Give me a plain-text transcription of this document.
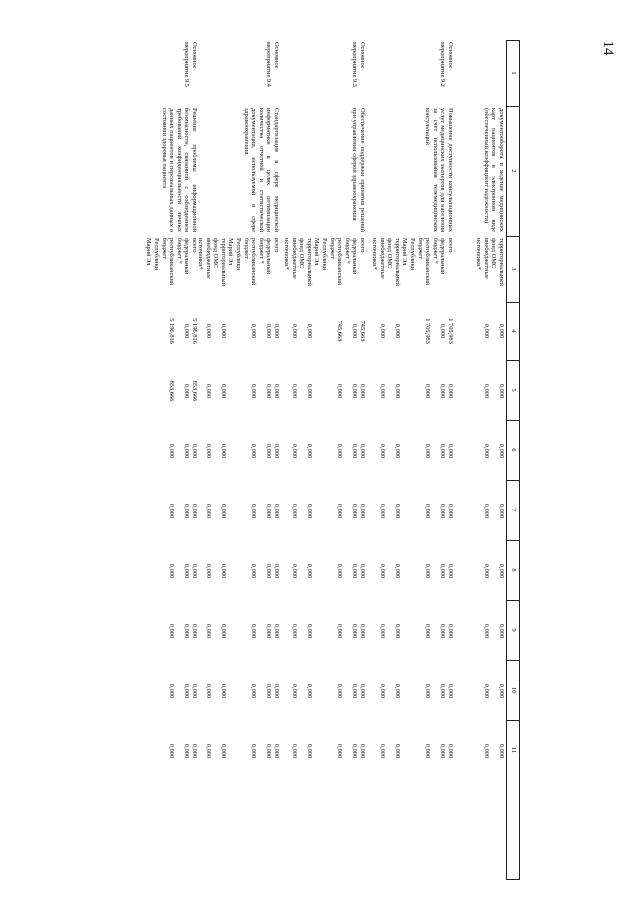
14
1
2
3
4
5
6
7
8
9
10
11
документооборота и ведение медицинских карт пациентов в электронном виде (обеспеченный коэффициент надежности)
территориальный
фонд ОМС
внебюджетные
источники*
0,000
0,000
0,000
0,000
0,000
0,000
0,000
0,000
0,000
0,000
0,000
0,000
0,000
0,000
0,000
0,000
Основное мероприятие 9.2
Повышение доступности консультационных услуг медицинских экспертов для населения за счет использования телемедицинских консультаций
всего
федеральный
бюджет *
республиканский
бюджет
Республики
Марий Эл
территориальный
фонд ОМС
внебюджетные
источники*
1 705,983
0,000
0,000
0,000
0,000
0,000
0,000
0,000
0,000
0,000
0,000
0,000
0,000
0,000
0,000
0,000
1 705,983
0,000
0,000
0,000
0,000
0,000
0,000
0,000
0,000
0,000
0,000
0,000
0,000
0,000
0,000
0,000
0,000
0,000
0,000
0,000
0,000
0,000
0,000
0,000
Основное мероприятие 9.3
Обеспечение поддержки принятия решений при управлении сферой здравоохранения
всего
федеральный
бюджет *
республиканский
бюджет
Республики
Марий Эл
территориальный
фонд ОМС
внебюджетные
источники*
745,663
0,000
0,000
0,000
0,000
0,000
0,000
0,000
0,000
0,000
0,000
0,000
0,000
0,000
0,000
0,000
745,663
0,000
0,000
0,000
0,000
0,000
0,000
0,000
0,000
0,000
0,000
0,000
0,000
0,000
0,000
0,000
0,000
0,000
0,000
0,000
0,000
0,000
0,000
0,000
Основное мероприятие 9.4
Стандартизация в сфере медицинской информатики в целях оптимизации количества отчетной и статистической документации, используемой в сфере здравоохранения
всего
федеральный
бюджет *
республиканский
бюджет
Республики
Марий Эл
территориальный
фонд ОМС
внебюджетные
источники*
0,000
0,000
0,000
0,000
0,000
0,000
0,000
0,000
0,000
0,000
0,000
0,000
0,000
0,000
0,000
0,000
0,000
0,000
0,000
0,000
0,000
0,000
0,000
0,000
0,000
0,000
0,000
0,000
0,000
0,000
0,000
0,000
0,000
0,000
0,000
0,000
0,000
0,000
0,000
0,000
Основное мероприятие 9.5
Решение проблемы информационной безопасности, связанной с соблюдением требований конфиденциальности личных данных пациентов и персональных данных о состоянии здоровья пациента
всего
федеральный
бюджет *
республиканский
бюджет
Республики
Марий Эл
5 196,816
853,666
0,000
0,000
0,000
0,000
0,000
0,000
0,000
0,000
0,000
0,000
0,000
0,000
0,000
0,000
5 196,816
853,666
0,000
0,000
0,000
0,000
0,000
0,000
